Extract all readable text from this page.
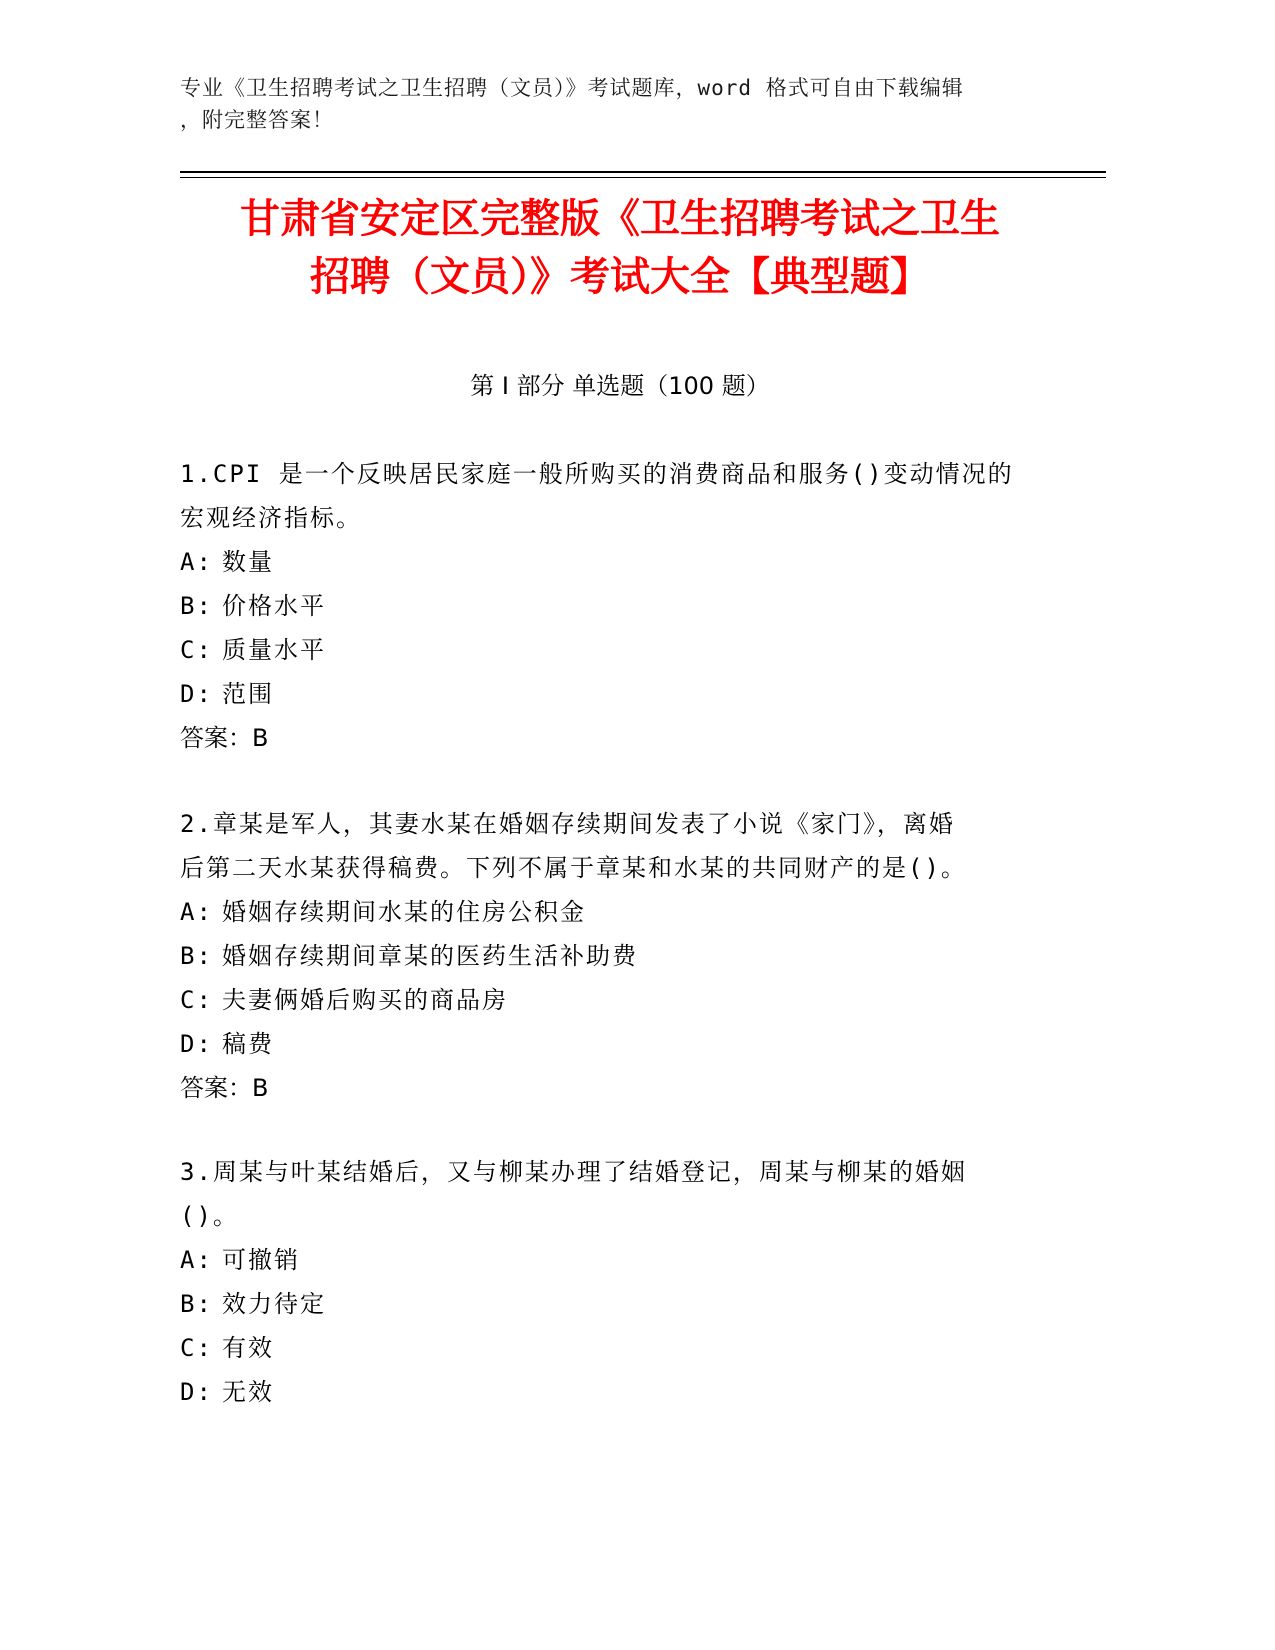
专业《卫生招聘考试之卫生招聘（文员）》考试题库，word 格式可自由下载编辑
，附完整答案！
甘肃省安定区完整版《卫生招聘考试之卫生
招聘（文员）》考试大全【典型题】
第 I 部分 单选题（100 题）
1.CPI 是一个反映居民家庭一般所购买的消费商品和服务()变动情况的
宏观经济指标。
A: 数量
B: 价格水平
C: 质量水平
D: 范围
答案：B
2.章某是军人，其妻水某在婚姻存续期间发表了小说《家门》，离婚
后第二天水某获得稿费。下列不属于章某和水某的共同财产的是()。
A: 婚姻存续期间水某的住房公积金
B: 婚姻存续期间章某的医药生活补助费
C: 夫妻俩婚后购买的商品房
D: 稿费
答案：B
3.周某与叶某结婚后，又与柳某办理了结婚登记，周某与柳某的婚姻
()。
A: 可撤销
B: 效力待定
C: 有效
D: 无效
